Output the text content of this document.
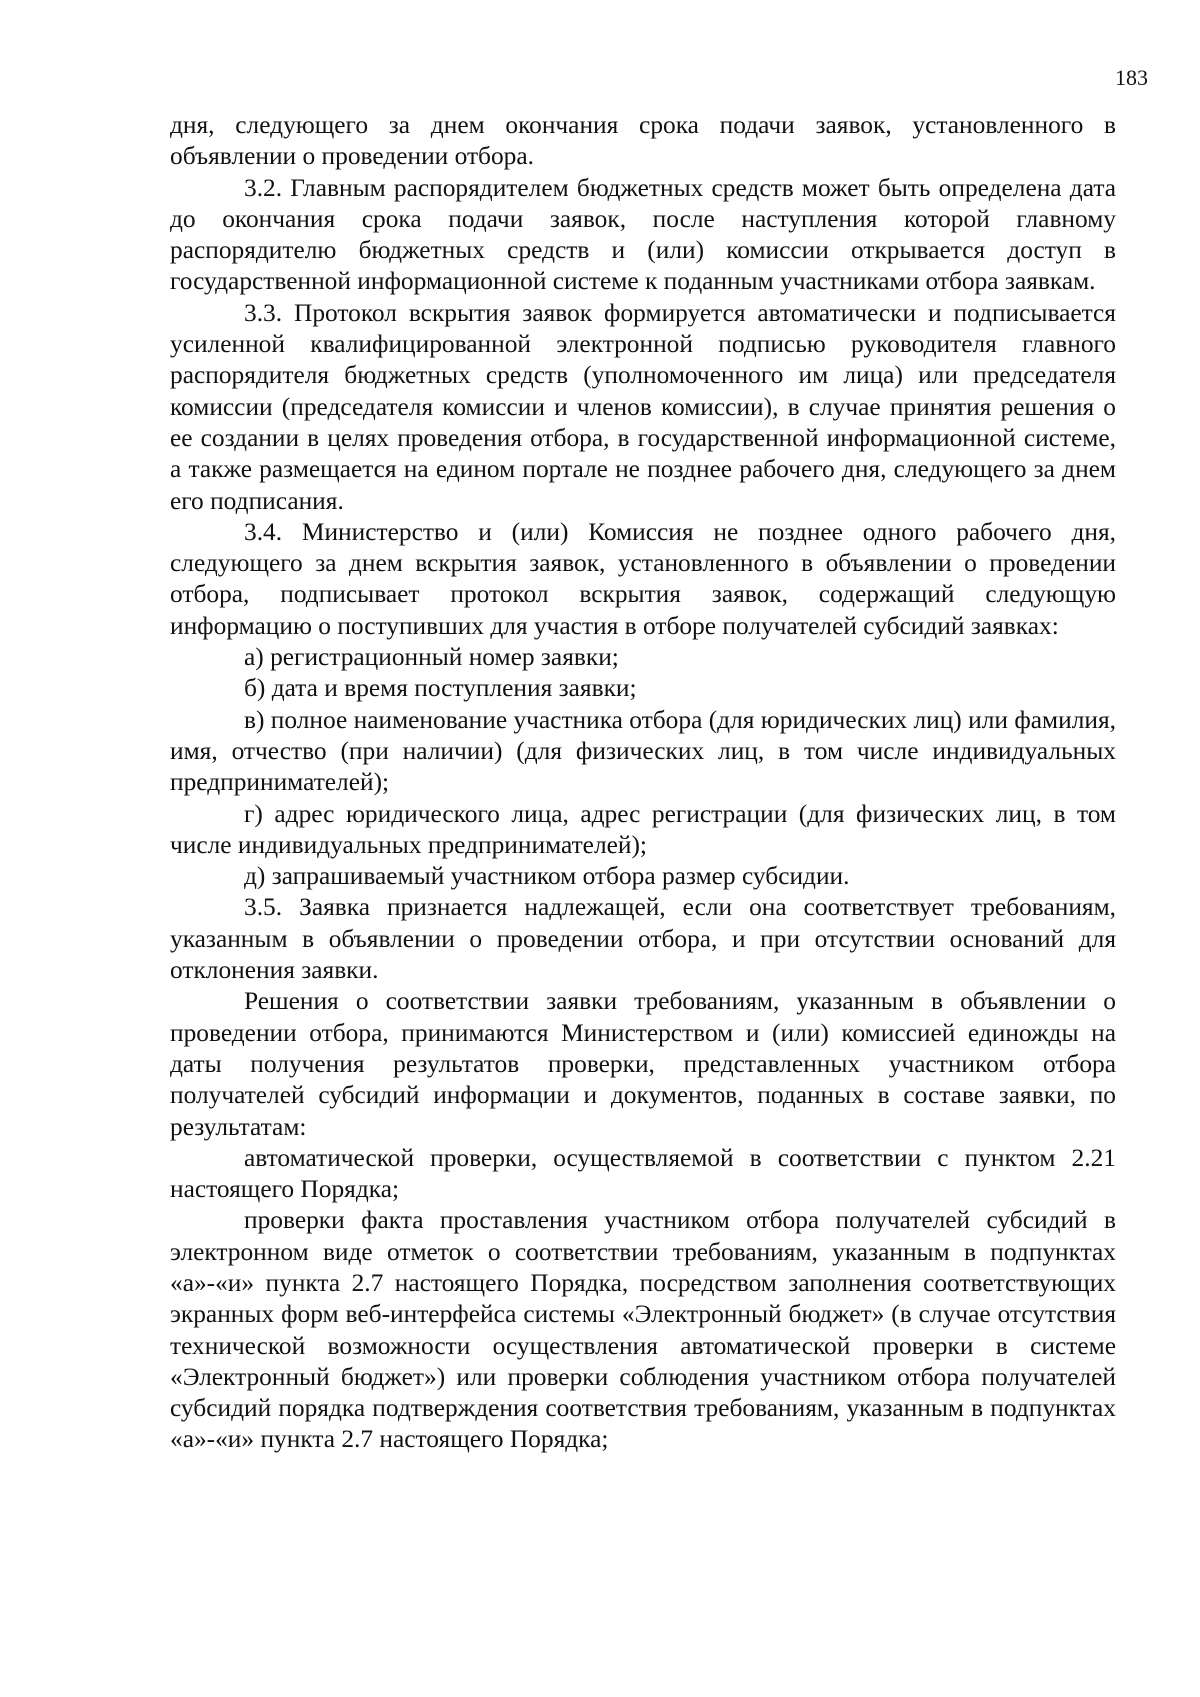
183

дня, следующего за днем окончания срока подачи заявок, установленного в объявлении о проведении отбора.

3.2. Главным распорядителем бюджетных средств может быть определена дата до окончания срока подачи заявок, после наступления которой главному распорядителю бюджетных средств и (или) комиссии открывается доступ в государственной информационной системе к поданным участниками отбора заявкам.

3.3. Протокол вскрытия заявок формируется автоматически и подписывается усиленной квалифицированной электронной подписью руководителя главного распорядителя бюджетных средств (уполномоченного им лица) или председателя комиссии (председателя комиссии и членов комиссии), в случае принятия решения о ее создании в целях проведения отбора, в государственной информационной системе, а также размещается на едином портале не позднее рабочего дня, следующего за днем его подписания.

3.4. Министерство и (или) Комиссия не позднее одного рабочего дня, следующего за днем вскрытия заявок, установленного в объявлении о проведении отбора, подписывает протокол вскрытия заявок, содержащий следующую информацию о поступивших для участия в отборе получателей субсидий заявках:

а) регистрационный номер заявки;

б) дата и время поступления заявки;

в) полное наименование участника отбора (для юридических лиц) или фамилия, имя, отчество (при наличии) (для физических лиц, в том числе индивидуальных предпринимателей);

г) адрес юридического лица, адрес регистрации (для физических лиц, в том числе индивидуальных предпринимателей);

д) запрашиваемый участником отбора размер субсидии.

3.5. Заявка признается надлежащей, если она соответствует требованиям, указанным в объявлении о проведении отбора, и при отсутствии оснований для отклонения заявки.

Решения о соответствии заявки требованиям, указанным в объявлении о проведении отбора, принимаются Министерством и (или) комиссией единожды на даты получения результатов проверки, представленных участником отбора получателей субсидий информации и документов, поданных в составе заявки, по результатам:

автоматической проверки, осуществляемой в соответствии с пунктом 2.21 настоящего Порядка;

проверки факта проставления участником отбора получателей субсидий в электронном виде отметок о соответствии требованиям, указанным в подпунктах «а»-«и» пункта 2.7 настоящего Порядка, посредством заполнения соответствующих экранных форм веб-интерфейса системы «Электронный бюджет» (в случае отсутствия технической возможности осуществления автоматической проверки в системе «Электронный бюджет») или проверки соблюдения участником отбора получателей субсидий порядка подтверждения соответствия требованиям, указанным в подпунктах «а»-«и» пункта 2.7 настоящего Порядка;
